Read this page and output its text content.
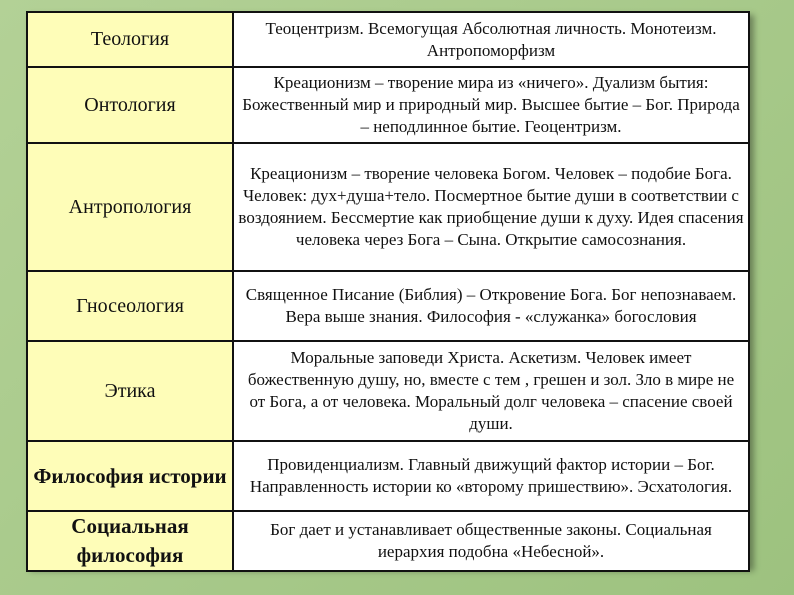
Теология	Теоцентризм. Всемогущая Абсолютная личность. Монотеизм. Антропоморфизм
Онтология	Креационизм – творение мира из «ничего». Дуализм бытия: Божественный мир и природный мир. Высшее бытие – Бог. Природа – неподлинное бытие. Геоцентризм.
Антропология	Креационизм – творение человека Богом. Человек – подобие Бога. Человек: дух+душа+тело. Посмертное бытие души в соответствии с воздоянием. Бессмертие как приобщение души к духу. Идея спасения человека через Бога – Сына. Открытие самосознания.
Гносеология	Священное Писание (Библия) – Откровение Бога. Бог непознаваем. Вера выше знания. Философия - «служанка» богословия
Этика	Моральные заповеди Христа. Аскетизм. Человек имеет божественную душу, но, вместе с тем , грешен и зол. Зло в мире не от Бога, а от человека. Моральный долг человека – спасение своей души.
Философия истории	Провиденциализм. Главный движущий фактор истории – Бог. Направленность истории ко «второму пришествию». Эсхатология.
Социальная философия	Бог дает и устанавливает общественные законы. Социальная иерархия подобна «Небесной».
